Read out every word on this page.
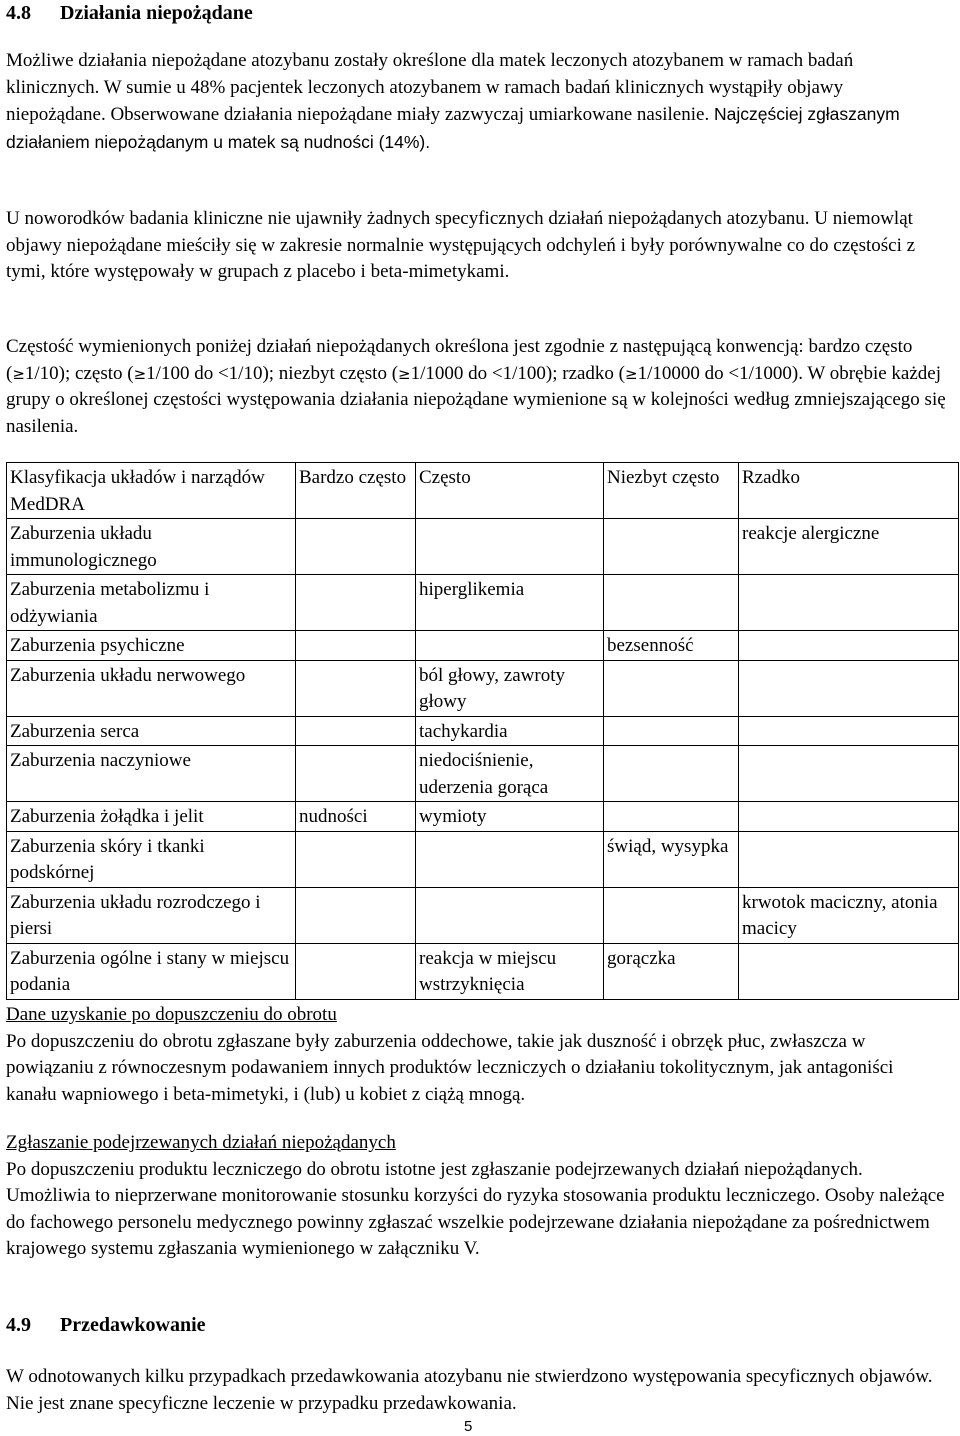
4.8 Działania niepożądane

Możliwe działania niepożądane atozybanu zostały określone dla matek leczonych atozybanem w ramach badań klinicznych. W sumie u 48% pacjentek leczonych atozybanem w ramach badań klinicznych wystąpiły objawy niepożądane. Obserwowane działania niepożądane miały zazwyczaj umiarkowane nasilenie. Najczęściej zgłaszanym działaniem niepożądanym u matek są nudności (14%).

U noworodków badania kliniczne nie ujawniły żadnych specyficznych działań niepożądanych atozybanu. U niemowląt objawy niepożądane mieściły się w zakresie normalnie występujących odchyleń i były porównywalne co do częstości z tymi, które występowały w grupach z placebo i beta-mimetykami.

Częstość wymienionych poniżej działań niepożądanych określona jest zgodnie z następującą konwencją: bardzo często (≥1/10); często (≥1/100 do <1/10); niezbyt często (≥1/1000 do <1/100); rzadko (≥1/10000 do <1/1000). W obrębie każdej grupy o określonej częstości występowania działania niepożądane wymienione są w kolejności według zmniejszającego się nasilenia.

Klasyfikacja układów i narządów MedDRA	Bardzo często	Często	Niezbyt często	Rzadko
Zaburzenia układu immunologicznego				reakcje alergiczne
Zaburzenia metabolizmu i odżywiania		hiperglikemia		
Zaburzenia psychiczne			bezsenność	
Zaburzenia układu nerwowego		ból głowy, zawroty głowy		
Zaburzenia serca		tachykardia		
Zaburzenia naczyniowe		niedociśnienie, uderzenia gorąca		
Zaburzenia żołądka i jelit	nudności	wymioty		
Zaburzenia skóry i tkanki podskórnej			świąd, wysypka	
Zaburzenia układu rozrodczego i piersi				krwotok maciczny, atonia macicy
Zaburzenia ogólne i stany w miejscu podania		reakcja w miejscu wstrzyknięcia	gorączka	

Dane uzyskanie po dopuszczeniu do obrotu
Po dopuszczeniu do obrotu zgłaszane były zaburzenia oddechowe, takie jak duszność i obrzęk płuc, zwłaszcza w powiązaniu z równoczesnym podawaniem innych produktów leczniczych o działaniu tokolitycznym, jak antagoniści kanału wapniowego i beta-mimetyki, i (lub) u kobiet z ciążą mnogą.

Zgłaszanie podejrzewanych działań niepożądanych
Po dopuszczeniu produktu leczniczego do obrotu istotne jest zgłaszanie podejrzewanych działań niepożądanych. Umożliwia to nieprzerwane monitorowanie stosunku korzyści do ryzyka stosowania produktu leczniczego. Osoby należące do fachowego personelu medycznego powinny zgłaszać wszelkie podejrzewane działania niepożądane za pośrednictwem krajowego systemu zgłaszania wymienionego w załączniku V.

4.9 Przedawkowanie

W odnotowanych kilku przypadkach przedawkowania atozybanu nie stwierdzono występowania specyficznych objawów. Nie jest znane specyficzne leczenie w przypadku przedawkowania.

5
